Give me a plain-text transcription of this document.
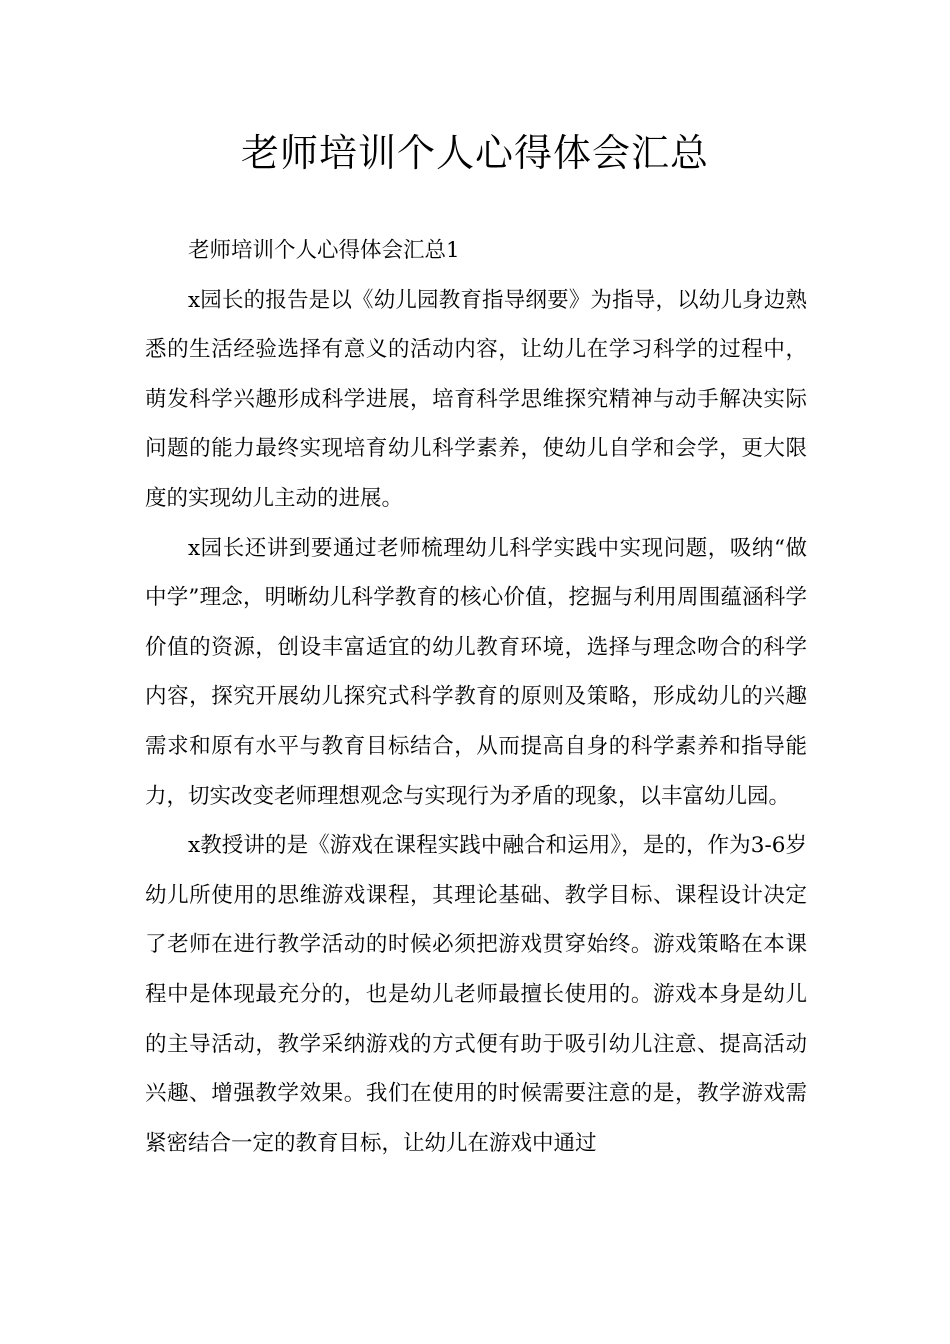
老师培训个人心得体会汇总

老师培训个人心得体会汇总1

x园长的报告是以《幼儿园教育指导纲要》为指导，以幼儿身边熟悉的生活经验选择有意义的活动内容，让幼儿在学习科学的过程中，萌发科学兴趣形成科学进展，培育科学思维探究精神与动手解决实际问题的能力最终实现培育幼儿科学素养，使幼儿自学和会学，更大限度的实现幼儿主动的进展。

x园长还讲到要通过老师梳理幼儿科学实践中实现问题，吸纳“做中学”理念，明晰幼儿科学教育的核心价值，挖掘与利用周围蕴涵科学价值的资源，创设丰富适宜的幼儿教育环境，选择与理念吻合的科学内容，探究开展幼儿探究式科学教育的原则及策略，形成幼儿的兴趣需求和原有水平与教育目标结合，从而提高自身的科学素养和指导能力，切实改变老师理想观念与实现行为矛盾的现象，以丰富幼儿园。

x教授讲的是《游戏在课程实践中融合和运用》，是的，作为3-6岁幼儿所使用的思维游戏课程，其理论基础、教学目标、课程设计决定了老师在进行教学活动的时候必须把游戏贯穿始终。游戏策略在本课程中是体现最充分的，也是幼儿老师最擅长使用的。游戏本身是幼儿的主导活动，教学采纳游戏的方式便有助于吸引幼儿注意、提高活动兴趣、增强教学效果。我们在使用的时候需要注意的是，教学游戏需紧密结合一定的教育目标，让幼儿在游戏中通过
